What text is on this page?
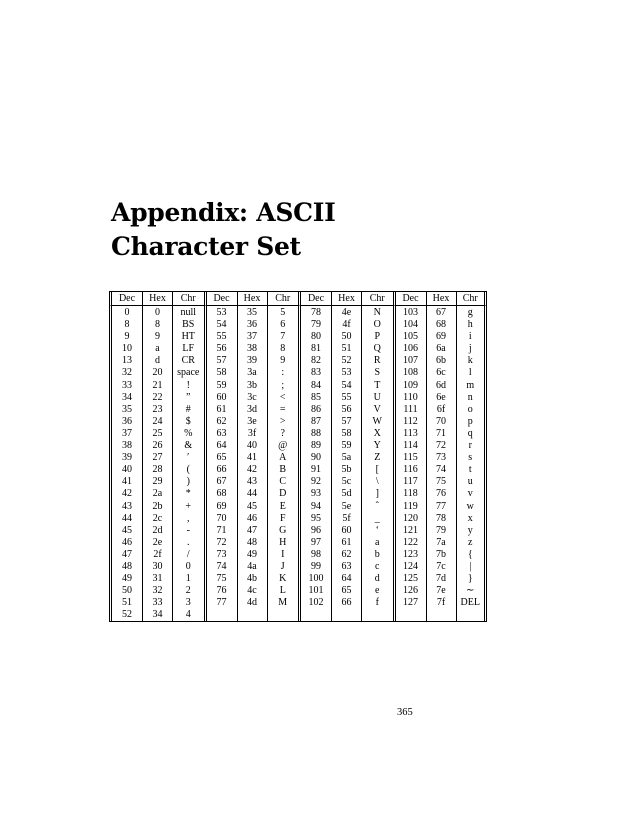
Appendix: ASCII
Character Set
Dec	Hex	Chr	Dec	Hex	Chr	Dec	Hex	Chr	Dec	Hex	Chr
0	0	null	53	35	5	78	4e	N	103	67	g
8	8	BS	54	36	6	79	4f	O	104	68	h
9	9	HT	55	37	7	80	50	P	105	69	i
10	a	LF	56	38	8	81	51	Q	106	6a	j
13	d	CR	57	39	9	82	52	R	107	6b	k
32	20	space	58	3a	:	83	53	S	108	6c	l
33	21	!	59	3b	;	84	54	T	109	6d	m
34	22	”	60	3c	<	85	55	U	110	6e	n
35	23	#	61	3d	=	86	56	V	111	6f	o
36	24	$	62	3e	>	87	57	W	112	70	p
37	25	%	63	3f	?	88	58	X	113	71	q
38	26	&	64	40	@	89	59	Y	114	72	r
39	27	′	65	41	A	90	5a	Z	115	73	s
40	28	(	66	42	B	91	5b	[	116	74	t
41	29	)	67	43	C	92	5c	\	117	75	u
42	2a	*	68	44	D	93	5d	]	118	76	v
43	2b	+	69	45	E	94	5e	ˆ	119	77	w
44	2c	,	70	46	F	95	5f	_	120	78	x
45	2d	-	71	47	G	96	60	‘	121	79	y
46	2e	.	72	48	H	97	61	a	122	7a	z
47	2f	/	73	49	I	98	62	b	123	7b	{
48	30	0	74	4a	J	99	63	c	124	7c	|
49	31	1	75	4b	K	100	64	d	125	7d	}
50	32	2	76	4c	L	101	65	e	126	7e	∼
51	33	3	77	4d	M	102	66	f	127	7f	DEL
52	34	4									
365
